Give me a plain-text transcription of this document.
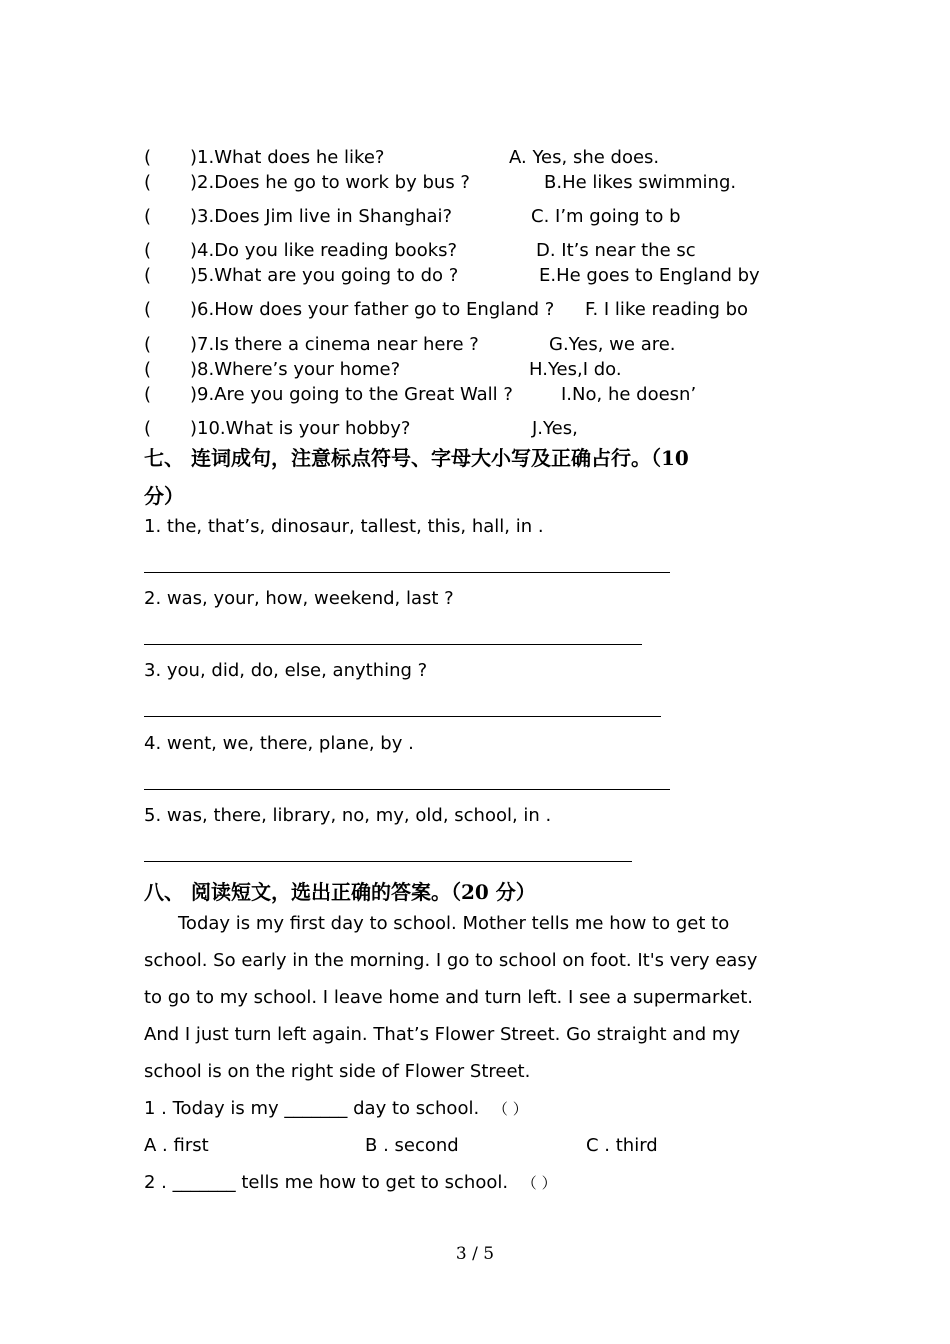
( )1.What does he like?	A. Yes, she does.
( )2.Does he go to work by bus ?	B.He likes swimming.
( )3.Does Jim live in Shanghai?	C. I’m going to b
( )4.Do you like reading books?	D. It’s near the sc
( )5.What are you going to do ?	E.He goes to England by
( )6.How does your father go to England ? F. I like reading bo
( )7.Is there a cinema near here ?	G.Yes, we are.
( )8.Where’s your home?	H.Yes,I do.
( )9.Are you going to the Great Wall ?	I.No, he doesn’
( )10.What is your hobby?	J.Yes,
七、 连词成句，注意标点符号、字母大小写及正确占行。（10
分）
1. the, that’s, dinosaur, tallest, this, hall, in .
2. was, your, how, weekend, last ?
3. you, did, do, else, anything ?
4. went, we, there, plane, by .
5. was, there, library, no, my, old, school, in .
八、 阅读短文，选出正确的答案。（20 分）
Today is my first day to school. Mother tells me how to get to
school. So early in the morning. I go to school on foot. It's very easy
to go to my school. I leave home and turn left. I see a supermarket.
And I just turn left again. That’s Flower Street. Go straight and my
school is on the right side of Flower Street.
1 . Today is my _______ day to school. （ ）
A . first	B . second	C . third
2 . _______ tells me how to get to school. （ ）
3 / 5
